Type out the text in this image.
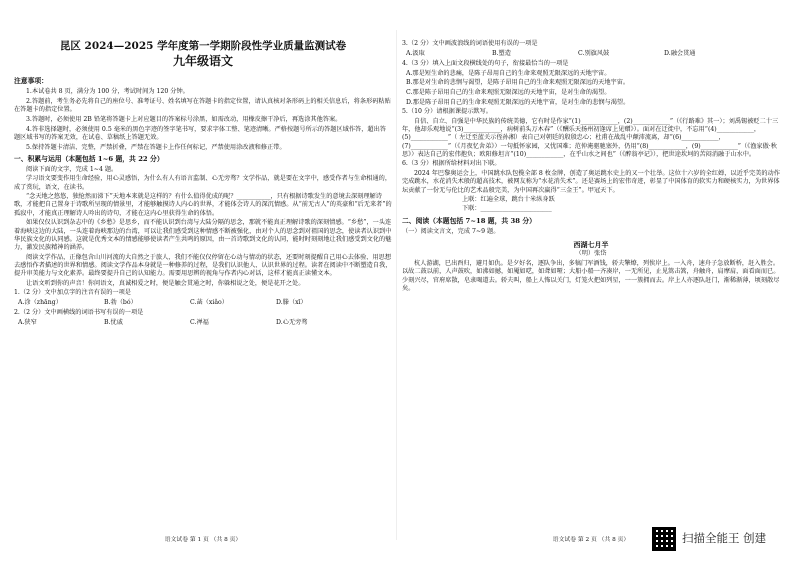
昆区 2024—2025 学年度第一学期阶段性学业质量监测试卷
九年级语文
注意事项：
1.本试卷共 8 页，满分为 100 分，考试时间为 120 分钟。
2.答题前，考生务必先将自己的座位号、准考证号、姓名填写在答题卡的指定位置，请认真核对条形码上的相关信息后，将条形码粘贴在答题卡的指定位置。
3.答题时，必须使用 2B 铅笔将答题卡上对应题目的答案标号涂黑，如需改动，用橡皮擦干净后，再选涂其他答案。
4.答非选择题时，必须使用 0.5 毫米的黑色字迹的签字笔书写，要求字体工整、笔迹清晰。严格按题号所示的答题区域作答，超出答题区域书写的答案无效，在试卷、草稿纸上答题无效。
5.保持答题卡清洁、完整，严禁折叠，严禁在答题卡上作任何标记，严禁使用涂改液和修正带。
一、积累与运用（本题包括 1~6 题，共 22 分）
阅读下面的文字，完成 1~4 题。
学习语文要变作用生命经验，用心灵感悟，为什么有人有语言监制、心无旁骛？文学作品，就是要在文字中，感受作者与生命相通的，成了赏玩，语文，在读书。
“念天地之悠悠，独怆然而涕下”天地本来就是这样的？有什么值得优成的呢？___________，只有根据诗歌发生的意境去深刻理解诗歌，才能把自己置身于诗歌所呈现的情景里，才能够触摸诗人内心的世界，才能体会诗人的深沉情感。从“前无古人”的英豪和“后无来者”的孤寂中，才能真正理解诗人吟出的诗句，才能在这内心里获得生命的体悟。
如果仅仅认识到杂志中的《乡愁》是思乡，而不能认识到台湾与大陆分隔的思念，那就不能真正理解诗歌的深刻情感。“乡愁”，一头连着海峡这边的大陆，一头连着海峡那边的台湾，可以让我们感受到这种情感不断被强化，由对个人的思念到对祖国的思念，使读者认识到中华民族文化的认同感。这就是优秀文本的情感能够使读者产生共鸣的原因，由一首诗歌到文化的认同，能时时刻刻地让我们感受到文化的魅力，激发民族精神的涵养。
阅读文学作品，正像包含山川河流的大自然之于旅人，我们不能仅仅停留在心动与情动的状态，还要时刻提醒自己用心去体验、用思想去感悟作者描述的世界和情感。阅读文学作品本身就是一种修养的过程，是我们认识他人、认识世界的过程。读者在阅读中不断塑造自我，提升审美能力与文化素养。最终要提升自己的认知能力。需要用思辨的视角与作者内心对话，这样才能真正读懂文本。
让语文听到你的声音！你问语文，真诚相爱之时，便是触会贯通之时，你躲相说之处，便是花开之处。
1.（2 分）文中加点字的注音有误的一项是
A.涂（zhāng）	B.勃（bó）	C.菡（xiǎo）	D.滕（xī）
2.（2 分）文中画横线的词语书写有误的一项是
A.狭窄	B.忧戚	C.禅福	D.心无旁骛
语文试卷 第 1 页 （共 8 页）
3.（2 分）文中画波浪线的词语使用有误的一项是
A.汲取	B.塑造	C.别旗风鼓	D.融会贯通
4.（3 分）填入上面文段横线处的句子，衔接最恰当的一项是
A.那是短生命的悲痛，是陈子昂用自己的生命来观照无限深远的天地宇宙。
B.那是对生命的悲悯与渴望，是陈子昂用自己的生命来观照无限深远的天地宇宙。
C.那是陈子昂用自己的生命来观照无限深远的天地宇宙，是对生命的渴望。
D.那是陈子昂用自己的生命来观照无限深远的天地宇宙，是对生命的悲悯与渴望。
5.（10 分）请根据课提示默写。
自信、自立、自强是中华民族的传统美德，它有时是作家“(1)____________，(2)____________”（《行路难》其一）；刘禹锡被贬二十三年，他却乐观地说“(3)____________，病树前头万木春”（《酬乐天扬州初逢席上见赠》）。面对在迁徙中，不忘用“(4)____________，(5)____________”（ 左迁至蓝关示侄孙湘）表自己对朝廷的殷殷忠心；杜甫在战乱中颠沛流离，却“(6)____________，(7)____________”（《月夜忆舍弟》）一句抵怀家园，又忧国难；范仲淹驱驰塞外，仍用“(8)____________，(9)____________”（《渔家傲·秋思》）表达自己的宏伟抱负；欧阳修坦言“(10)____________，在乎山水之间也”（《醉翁亭记》），把世途坎坷的苦闷消融于山水中。
6.（3 分）根据所给材料对出下联。
2024 年巴黎奥运会上，中国跳水队包揽全部 8 枚金牌，创造了奥运跳水史上的又一个壮举。这位十六岁的全红婵，以近乎完美的动作完成跳水，水花消失术般的超高技术，被网友称为“水花消失术”。还是赛场上的宏伟奇迹，彰显了中国体育的软实力和硬核实力，为世界体坛贡献了一份无与伦比的艺术品般完美，为中国再次赢得“三金王”。甲冠天下。
上联：红遍全球，跳台十米纵身跃
下联：_______________________
二、阅读（本题包括 7~18 题，共 38 分）
（一）阅读文言文，完成 7~9 题。
西湖七月半
（明）张岱
杭人游湖，巳出酉归，避月如仇。是夕好名，逐队争出，多犒门军酒钱，轿夫擎燎，列俟岸上。一入舟，速舟子急放断桥，赶入胜会。以故二鼓以前，人声鼓吹，如沸如撼，如魇如呓，如聋如哑；大船小船一齐凑岸，一无所见，止见篙击篙，舟触舟，肩摩肩，面看面而已。少刻兴尽，官府席散，皂隶喝道去。轿夫叫，船上人怖以关门，灯笼火把如列星，一一簇拥而去。岸上人亦逐队赶门，渐稀渐薄，顷刻散尽矣。
语文试卷 第 2 页 （共 8 页）	扫描全能王 创建
